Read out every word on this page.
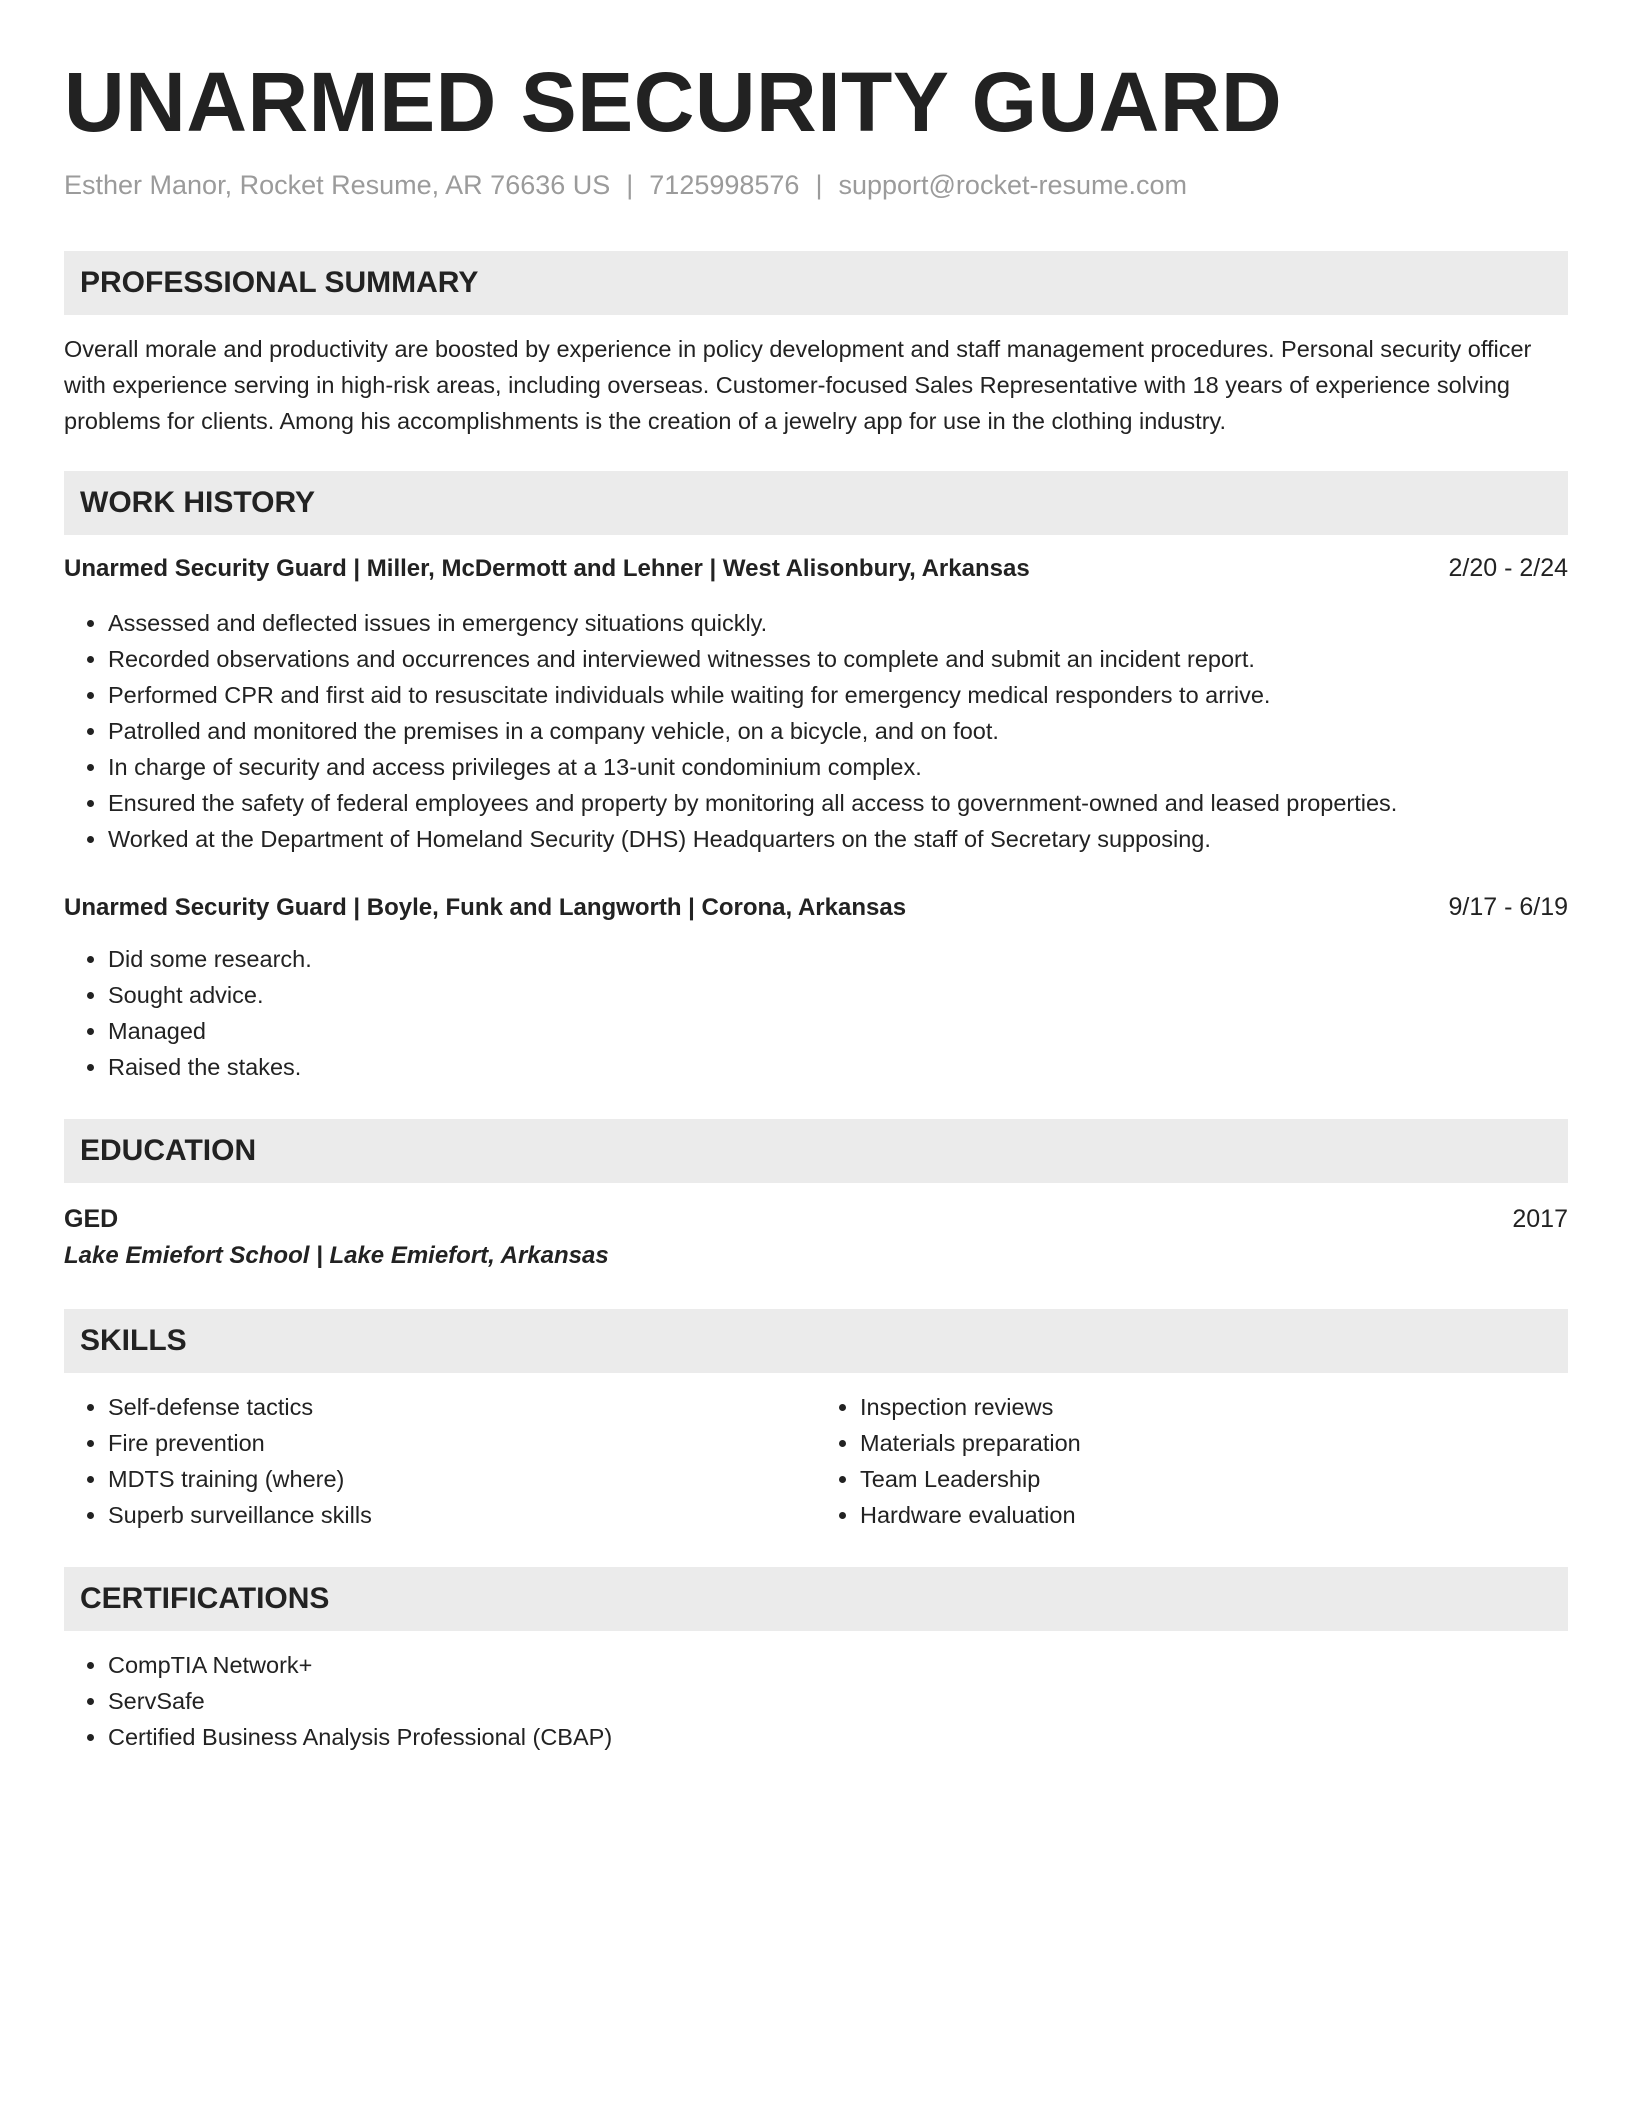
UNARMED SECURITY GUARD
Esther Manor, Rocket Resume, AR 76636 US | 7125998576 | support@rocket-resume.com
PROFESSIONAL SUMMARY

Overall morale and productivity are boosted by experience in policy development and staff management procedures. Personal security officer with experience serving in high-risk areas, including overseas. Customer-focused Sales Representative with 18 years of experience solving problems for clients. Among his accomplishments is the creation of a jewelry app for use in the clothing industry.

WORK HISTORY
Unarmed Security Guard | Miller, McDermott and Lehner | West Alisonbury, Arkansas	2/20 - 2/24
• Assessed and deflected issues in emergency situations quickly.
• Recorded observations and occurrences and interviewed witnesses to complete and submit an incident report.
• Performed CPR and first aid to resuscitate individuals while waiting for emergency medical responders to arrive.
• Patrolled and monitored the premises in a company vehicle, on a bicycle, and on foot.
• In charge of security and access privileges at a 13-unit condominium complex.
• Ensured the safety of federal employees and property by monitoring all access to government-owned and leased properties.
• Worked at the Department of Homeland Security (DHS) Headquarters on the staff of Secretary supposing.
Unarmed Security Guard | Boyle, Funk and Langworth | Corona, Arkansas	9/17 - 6/19
• Did some research.
• Sought advice.
• Managed
• Raised the stakes.
EDUCATION
GED	2017
Lake Emiefort School | Lake Emiefort, Arkansas
SKILLS
• Self-defense tactics
• Fire prevention
• MDTS training (where)
• Superb surveillance skills
• Inspection reviews
• Materials preparation
• Team Leadership
• Hardware evaluation
CERTIFICATIONS
• CompTIA Network+
• ServSafe
• Certified Business Analysis Professional (CBAP)
